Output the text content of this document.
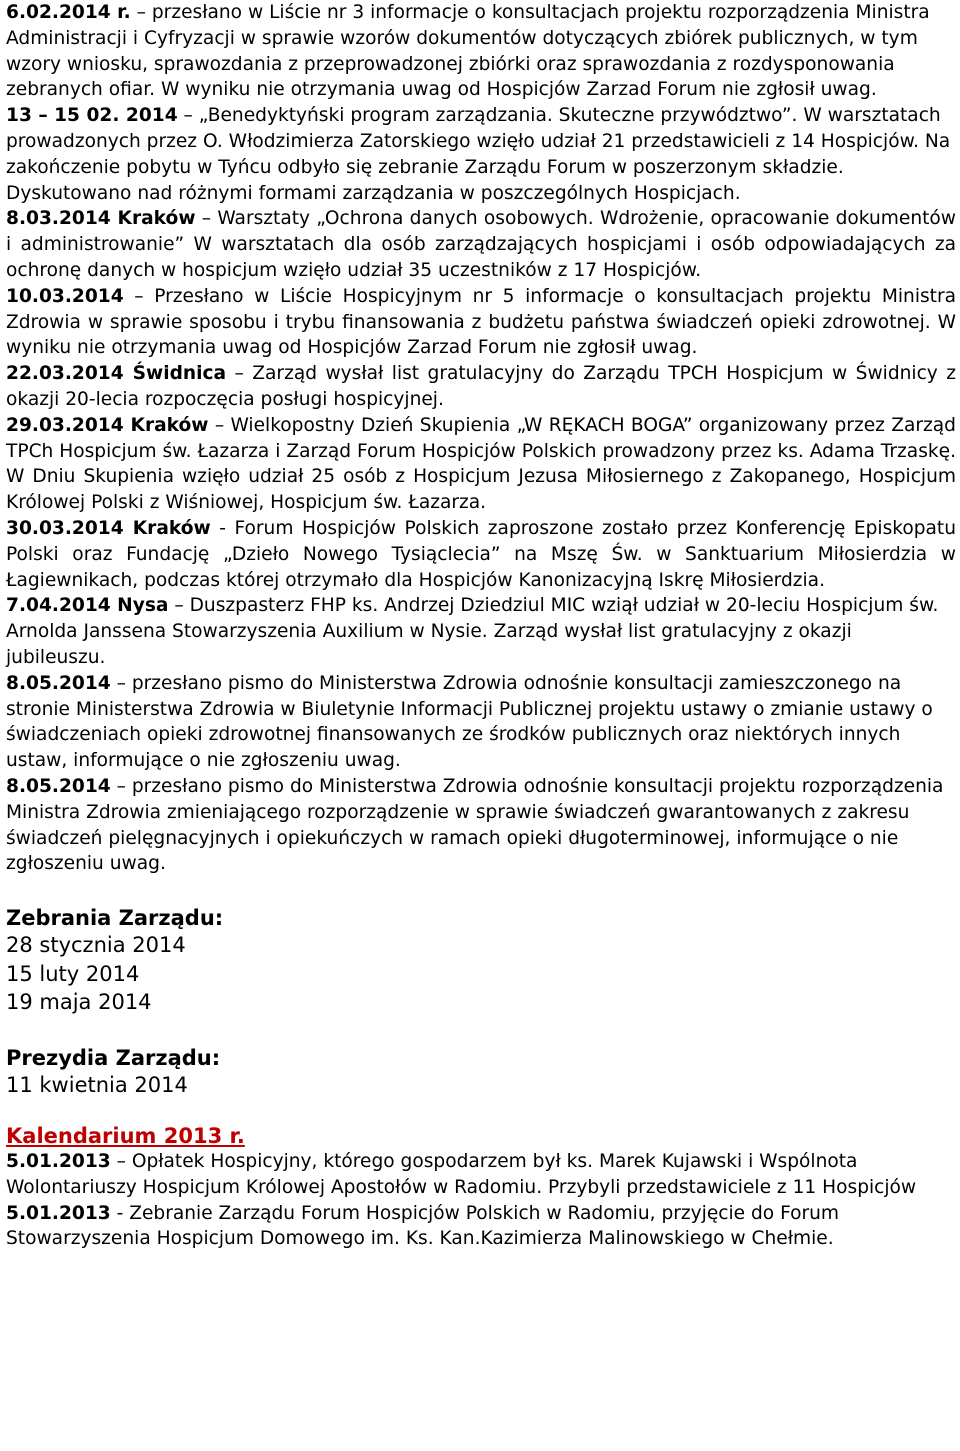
6.02.2014 r. – przesłano w Liście nr 3 informacje o konsultacjach projektu rozporządzenia Ministra Administracji i Cyfryzacji w sprawie wzorów dokumentów dotyczących zbiórek publicznych, w tym wzory wniosku, sprawozdania z przeprowadzonej zbiórki oraz sprawozdania z rozdysponowania zebranych ofiar. W wyniku nie otrzymania uwag od Hospicjów Zarzad Forum nie zgłosił uwag.

13 – 15 02. 2014 – „Benedyktyński program zarządzania. Skuteczne przywództwo”. W warsztatach prowadzonych przez O. Włodzimierza Zatorskiego wzięło udział 21 przedstawicieli z 14 Hospicjów. Na zakończenie pobytu w Tyńcu odbyło się zebranie Zarządu Forum w poszerzonym składzie. Dyskutowano nad różnymi formami zarządzania w poszczególnych Hospicjach.

8.03.2014 Kraków – Warsztaty „Ochrona danych osobowych. Wdrożenie, opracowanie dokumentów i administrowanie” W warsztatach dla osób zarządzających hospicjami i osób odpowiadających za ochronę danych w hospicjum wzięło udział 35 uczestników z 17 Hospicjów.

10.03.2014 – Przesłano w Liście Hospicyjnym nr 5 informacje o konsultacjach projektu Ministra Zdrowia w sprawie sposobu i trybu finansowania z budżetu państwa świadczeń opieki zdrowotnej. W wyniku nie otrzymania uwag od Hospicjów Zarzad Forum nie zgłosił uwag.

22.03.2014 Świdnica – Zarząd wysłał list gratulacyjny do Zarządu TPCH Hospicjum w Świdnicy z okazji 20-lecia rozpoczęcia posługi hospicyjnej.

29.03.2014 Kraków – Wielkopostny Dzień Skupienia „W RĘKACH BOGA” organizowany przez Zarząd TPCh Hospicjum św. Łazarza i Zarząd Forum Hospicjów Polskich prowadzony przez ks. Adama Trzaskę. W Dniu Skupienia wzięło udział 25 osób z Hospicjum Jezusa Miłosiernego z Zakopanego, Hospicjum Królowej Polski z Wiśniowej, Hospicjum św. Łazarza.

30.03.2014 Kraków - Forum Hospicjów Polskich zaproszone zostało przez Konferencję Episkopatu Polski oraz Fundację „Dzieło Nowego Tysiąclecia” na Mszę Św. w Sanktuarium Miłosierdzia w Łagiewnikach, podczas której otrzymało dla Hospicjów Kanonizacyjną Iskrę Miłosierdzia.

7.04.2014 Nysa – Duszpasterz FHP ks. Andrzej Dziedziul MIC wziął udział w 20-leciu Hospicjum św. Arnolda Janssena Stowarzyszenia Auxilium w Nysie. Zarząd wysłał list gratulacyjny z okazji jubileuszu.

8.05.2014 – przesłano pismo do Ministerstwa Zdrowia odnośnie konsultacji zamieszczonego na stronie Ministerstwa Zdrowia w Biuletynie Informacji Publicznej projektu ustawy o zmianie ustawy o świadczeniach opieki zdrowotnej finansowanych ze środków publicznych oraz niektórych innych ustaw, informujące o nie zgłoszeniu uwag.

8.05.2014 – przesłano pismo do Ministerstwa Zdrowia odnośnie konsultacji projektu rozporządzenia Ministra Zdrowia zmieniającego rozporządzenie w sprawie świadczeń gwarantowanych z zakresu świadczeń pielęgnacyjnych i opiekuńczych w ramach opieki długoterminowej, informujące o nie zgłoszeniu uwag.

Zebrania Zarządu:

28 stycznia 2014
15 luty 2014
19 maja 2014

Prezydia Zarządu:

11 kwietnia 2014

Kalendarium 2013 r.

5.01.2013 – Opłatek Hospicyjny, którego gospodarzem był ks. Marek Kujawski i Wspólnota Wolontariuszy Hospicjum Królowej Apostołów w Radomiu. Przybyli przedstawiciele z 11 Hospicjów

5.01.2013 - Zebranie Zarządu Forum Hospicjów Polskich w Radomiu, przyjęcie do Forum Stowarzyszenia Hospicjum Domowego im. Ks. Kan.Kazimierza Malinowskiego w Chełmie.
